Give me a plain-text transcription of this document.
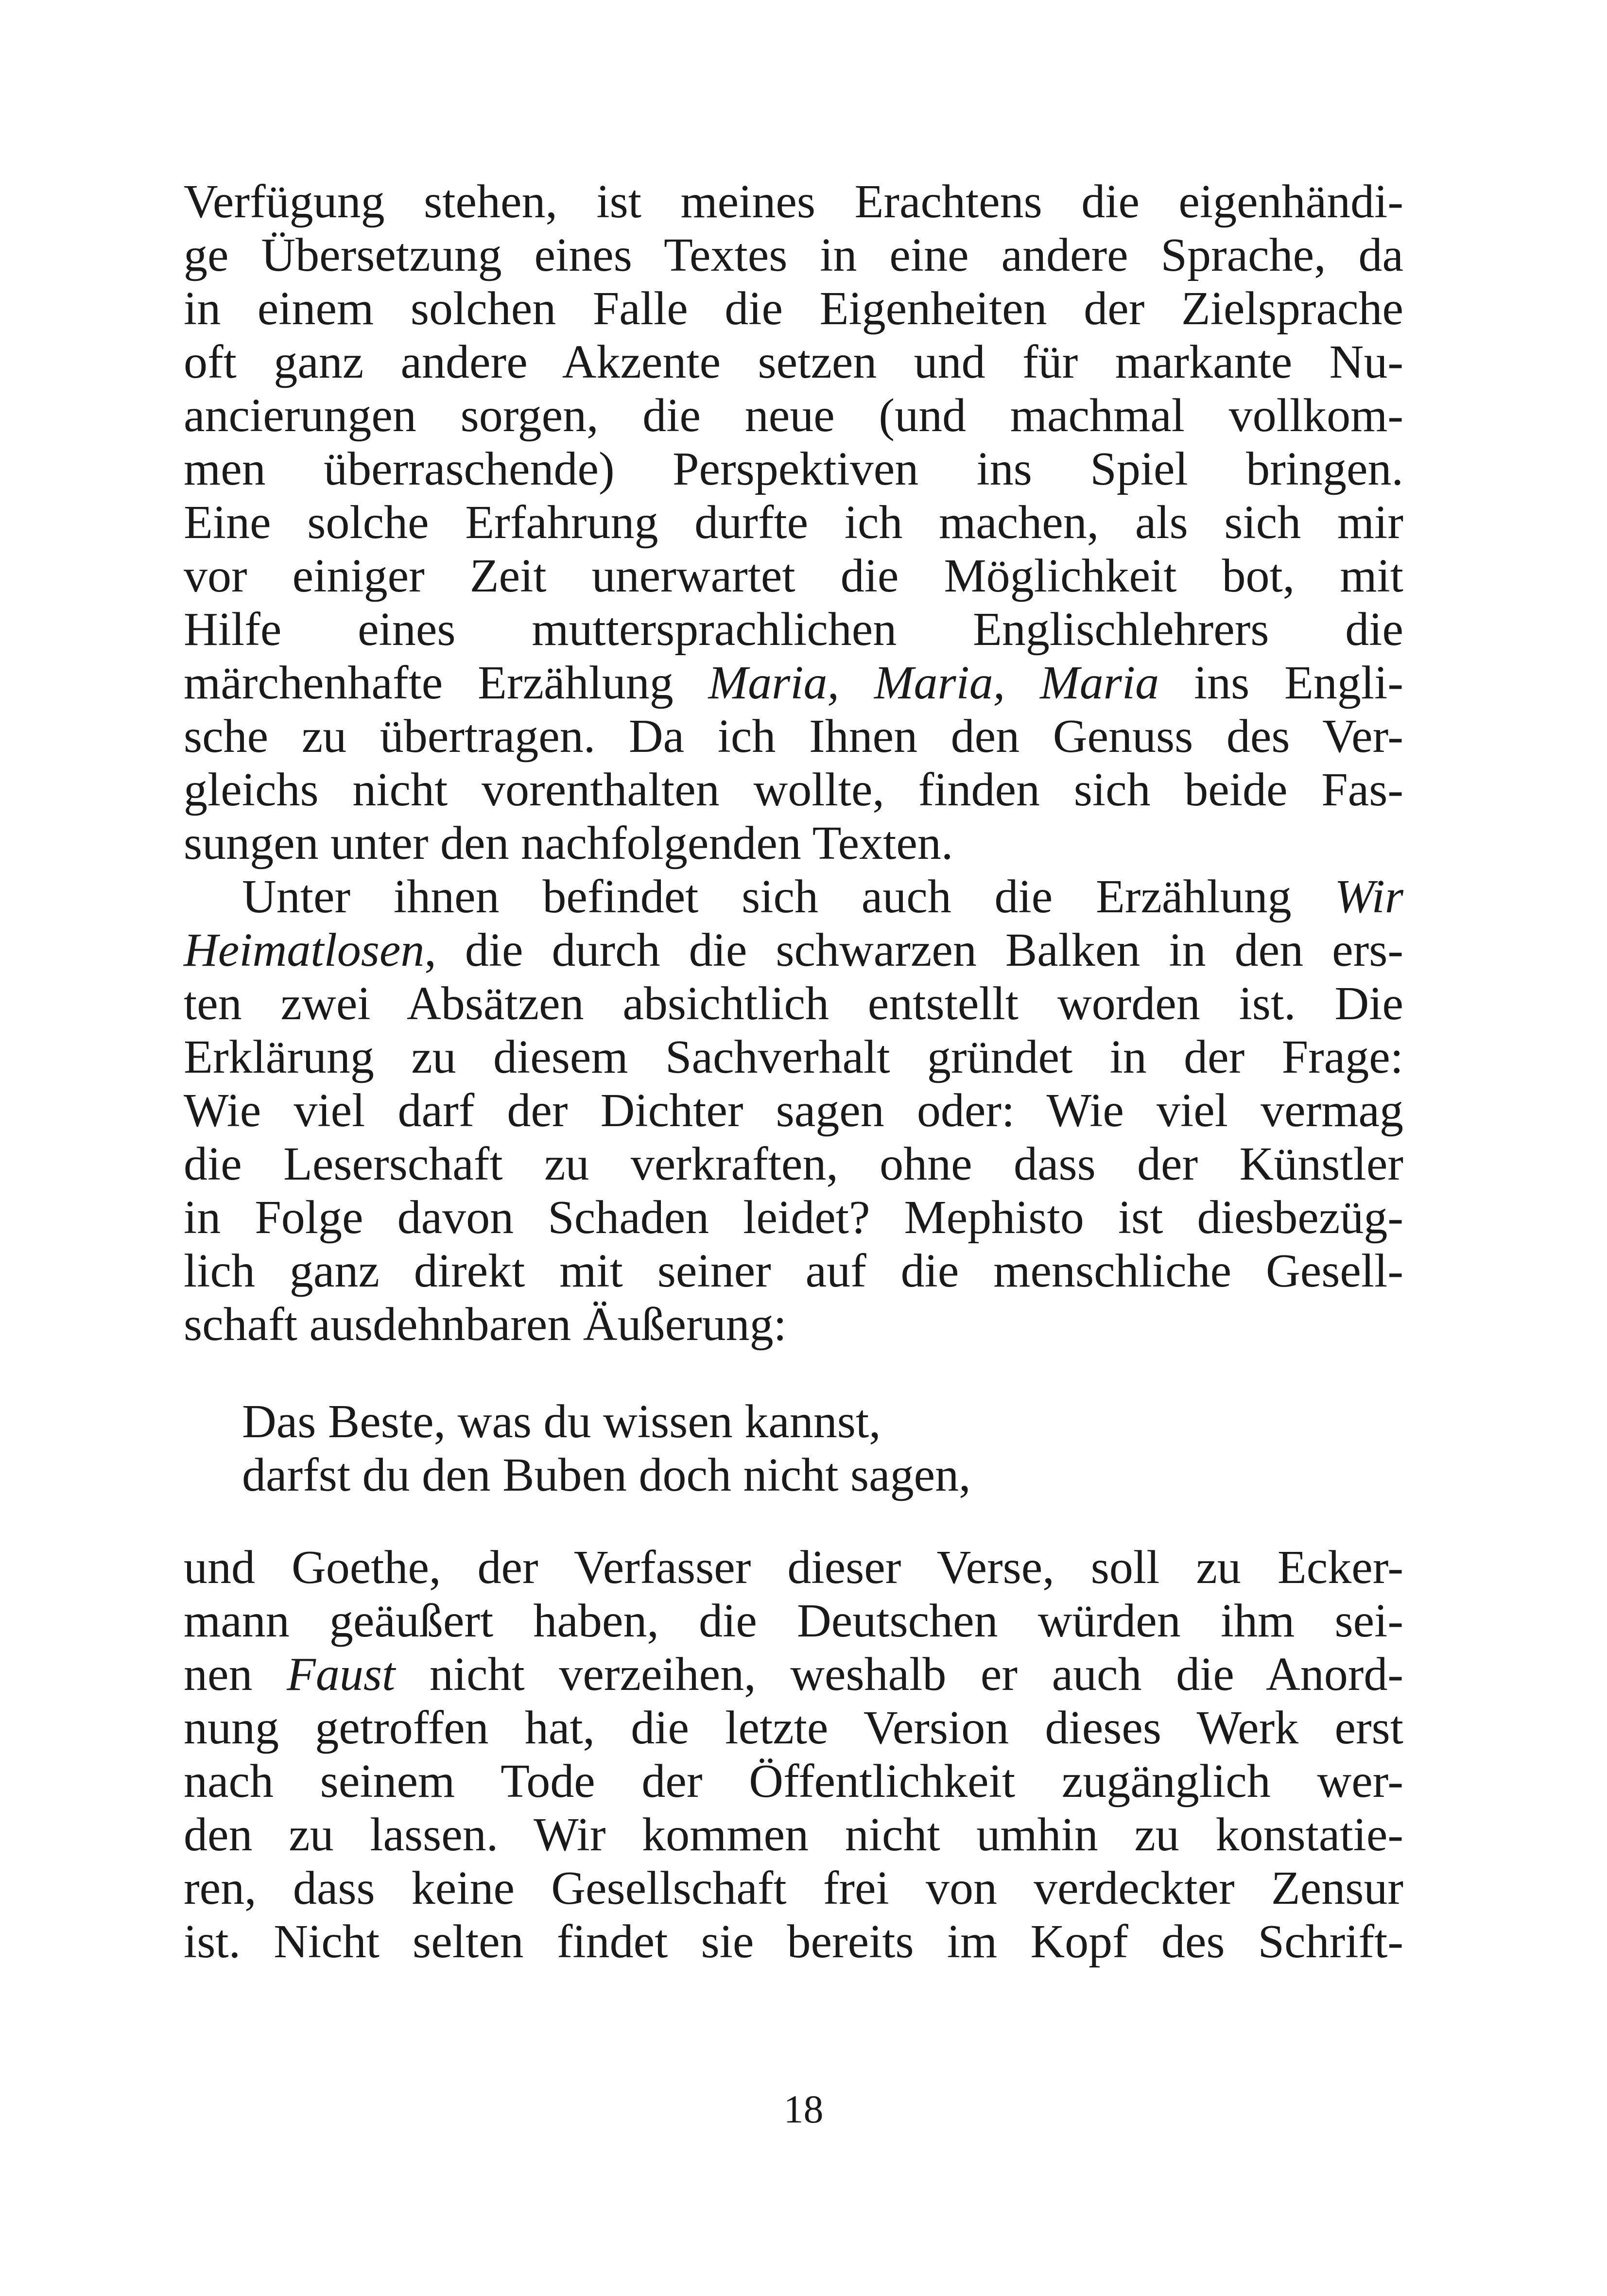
Verfügung stehen, ist meines Erachtens die eigenhändi-
ge Übersetzung eines Textes in eine andere Sprache, da
in einem solchen Falle die Eigenheiten der Zielsprache
oft ganz andere Akzente setzen und für markante Nu-
ancierungen sorgen, die neue (und machmal vollkom-
men überraschende) Perspektiven ins Spiel bringen.
Eine solche Erfahrung durfte ich machen, als sich mir
vor einiger Zeit unerwartet die Möglichkeit bot, mit
Hilfe eines muttersprachlichen Englischlehrers die
märchenhafte Erzählung Maria, Maria, Maria ins Engli-
sche zu übertragen. Da ich Ihnen den Genuss des Ver-
gleichs nicht vorenthalten wollte, finden sich beide Fas-
sungen unter den nachfolgenden Texten.
Unter ihnen befindet sich auch die Erzählung Wir
Heimatlosen, die durch die schwarzen Balken in den ers-
ten zwei Absätzen absichtlich entstellt worden ist. Die
Erklärung zu diesem Sachverhalt gründet in der Frage:
Wie viel darf der Dichter sagen oder: Wie viel vermag
die Leserschaft zu verkraften, ohne dass der Künstler
in Folge davon Schaden leidet? Mephisto ist diesbezüg-
lich ganz direkt mit seiner auf die menschliche Gesell-
schaft ausdehnbaren Äußerung:
und Goethe, der Verfasser dieser Verse, soll zu Ecker-
mann geäußert haben, die Deutschen würden ihm sei-
nen Faust nicht verzeihen, weshalb er auch die Anord-
nung getroffen hat, die letzte Version dieses Werk erst
nach seinem Tode der Öffentlichkeit zugänglich wer-
den zu lassen. Wir kommen nicht umhin zu konstatie-
ren, dass keine Gesellschaft frei von verdeckter Zensur
ist. Nicht selten findet sie bereits im Kopf des Schrift-
Das Beste, was du wissen kannst,
darfst du den Buben doch nicht sagen,
18
